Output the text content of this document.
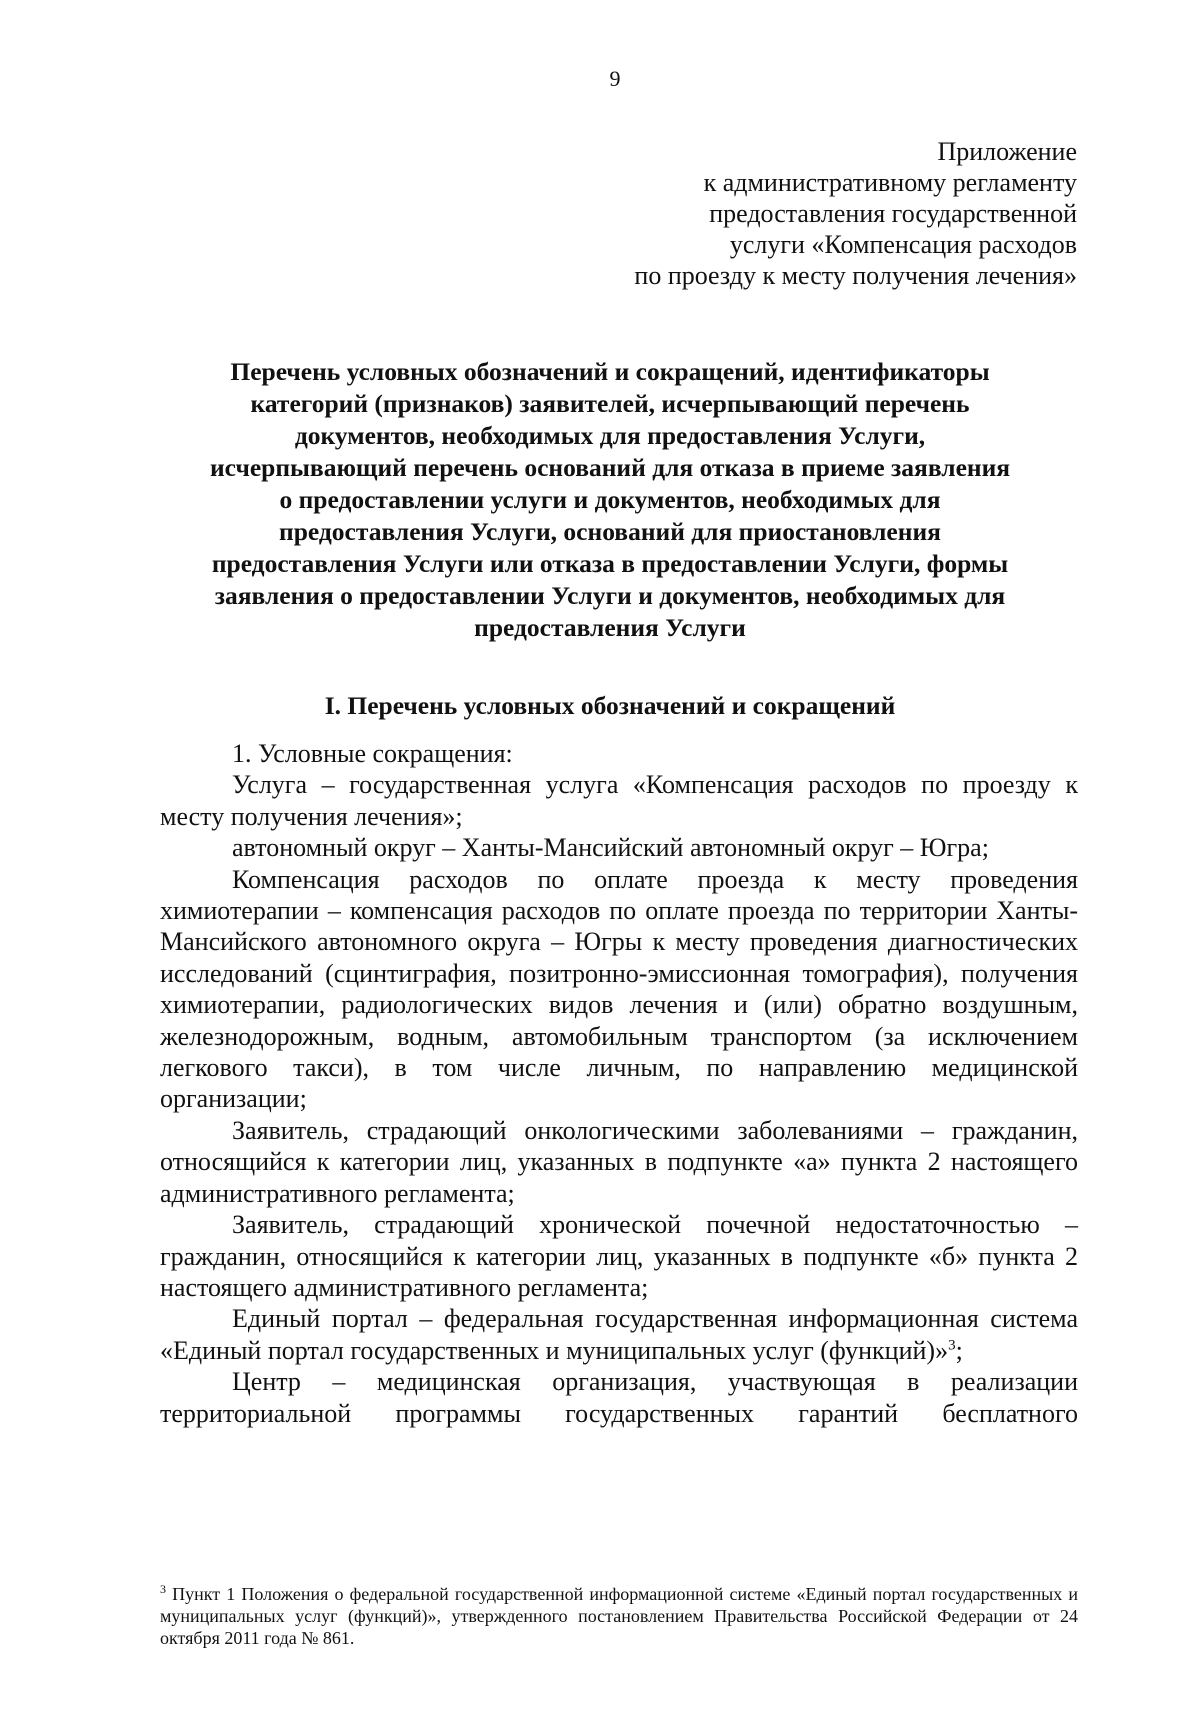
9
Приложение
к административному регламенту
предоставления государственной
услуги «Компенсация расходов
по проезду к месту получения лечения»
Перечень условных обозначений и сокращений, идентификаторы
категорий (признаков) заявителей, исчерпывающий перечень
документов, необходимых для предоставления Услуги,
исчерпывающий перечень оснований для отказа в приеме заявления
о предоставлении услуги и документов, необходимых для
предоставления Услуги, оснований для приостановления
предоставления Услуги или отказа в предоставлении Услуги, формы
заявления о предоставлении Услуги и документов, необходимых для
предоставления Услуги
I. Перечень условных обозначений и сокращений
1. Условные сокращения:
Услуга – государственная услуга «Компенсация расходов по проезду к месту получения лечения»;
автономный округ – Ханты-Мансийский автономный округ – Югра;
Компенсация расходов по оплате проезда к месту проведения химиотерапии – компенсация расходов по оплате проезда по территории Ханты-Мансийского автономного округа – Югры к месту проведения диагностических исследований (сцинтиграфия, позитронно-эмиссионная томография), получения химиотерапии, радиологических видов лечения и (или) обратно воздушным, железнодорожным, водным, автомобильным транспортом (за исключением легкового такси), в том числе личным, по направлению медицинской организации;
Заявитель, страдающий онкологическими заболеваниями – гражданин, относящийся к категории лиц, указанных в подпункте «а» пункта 2 настоящего административного регламента;
Заявитель, страдающий хронической почечной недостаточностью – гражданин, относящийся к категории лиц, указанных в подпункте «б» пункта 2 настоящего административного регламента;
Единый портал – федеральная государственная информационная система «Единый портал государственных и муниципальных услуг (функций)»$^3$;
Центр – медицинская организация, участвующая в реализации территориальной программы государственных гарантий бесплатного
$^3$ Пункт 1 Положения о федеральной государственной информационной системе «Единый портал государственных и муниципальных услуг (функций)», утвержденного постановлением Правительства Российской Федерации от 24 октября 2011 года № 861.
